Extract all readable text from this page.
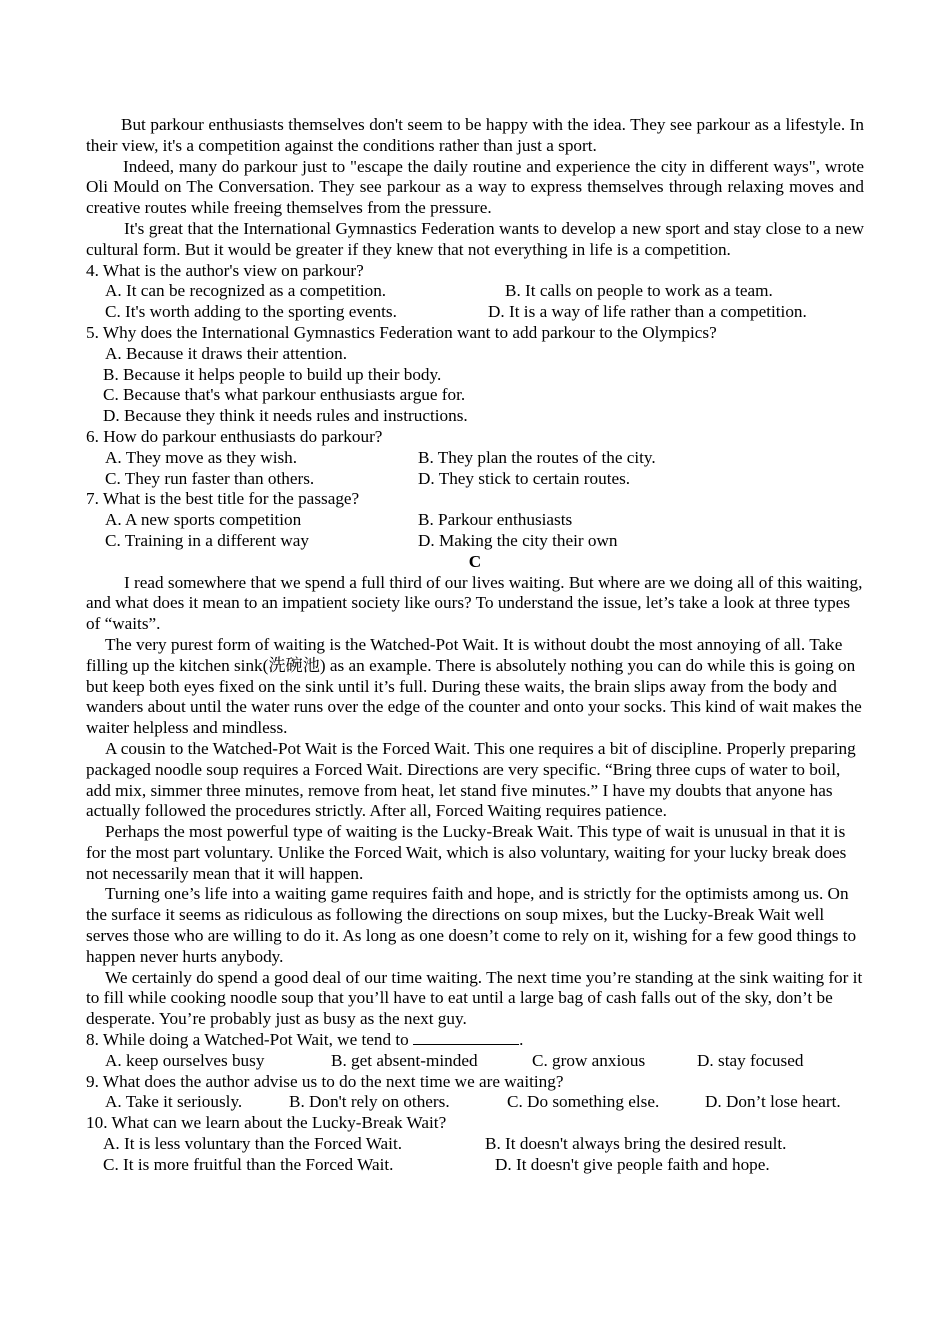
But parkour enthusiasts themselves don't seem to be happy with the idea. They see parkour as a lifestyle. In their view, it's a competition against the conditions rather than just a sport.

Indeed, many do parkour just to "escape the daily routine and experience the city in different ways", wrote Oli Mould on The Conversation. They see parkour as a way to express themselves through relaxing moves and creative routes while freeing themselves from the pressure.

It's great that the International Gymnastics Federation wants to develop a new sport and stay close to a new cultural form. But it would be greater if they knew that not everything in life is a competition.

4. What is the author's view on parkour?

A. It can be recognized as a competition.	B. It calls on people to work as a team.
C. It's worth adding to the sporting events.	D. It is a way of life rather than a competition.

5. Why does the International Gymnastics Federation want to add parkour to the Olympics?

A. Because it draws their attention.
B. Because it helps people to build up their body.
C. Because that's what parkour enthusiasts argue for.
D. Because they think it needs rules and instructions.

6. How do parkour enthusiasts do parkour?

A. They move as they wish.	B. They plan the routes of the city.
C. They run faster than others.	D. They stick to certain routes.

7. What is the best title for the passage?

A. A new sports competition	B. Parkour enthusiasts
C. Training in a different way	D. Making the city their own

C

I read somewhere that we spend a full third of our lives waiting. But where are we doing all of this waiting, and what does it mean to an impatient society like ours? To understand the issue, let’s take a look at three types of “waits”.

The very purest form of waiting is the Watched-Pot Wait. It is without doubt the most annoying of all. Take filling up the kitchen sink(洗碗池) as an example. There is absolutely nothing you can do while this is going on but keep both eyes fixed on the sink until it’s full. During these waits, the brain slips away from the body and wanders about until the water runs over the edge of the counter and onto your socks. This kind of wait makes the waiter helpless and mindless.

A cousin to the Watched-Pot Wait is the Forced Wait. This one requires a bit of discipline. Properly preparing packaged noodle soup requires a Forced Wait. Directions are very specific. “Bring three cups of water to boil, add mix, simmer three minutes, remove from heat, let stand five minutes.” I have my doubts that anyone has actually followed the procedures strictly. After all, Forced Waiting requires patience.

Perhaps the most powerful type of waiting is the Lucky-Break Wait. This type of wait is unusual in that it is for the most part voluntary. Unlike the Forced Wait, which is also voluntary, waiting for your lucky break does not necessarily mean that it will happen.

Turning one’s life into a waiting game requires faith and hope, and is strictly for the optimists among us. On the surface it seems as ridiculous as following the directions on soup mixes, but the Lucky-Break Wait well serves those who are willing to do it. As long as one doesn’t come to rely on it, wishing for a few good things to happen never hurts anybody.

We certainly do spend a good deal of our time waiting. The next time you’re standing at the sink waiting for it to fill while cooking noodle soup that you’ll have to eat until a large bag of cash falls out of the sky, don’t be desperate. You’re probably just as busy as the next guy.

8. While doing a Watched-Pot Wait, we tend to	.

A. keep ourselves busy	B. get absent-minded	C. grow anxious	D. stay focused

9. What does the author advise us to do the next time we are waiting?

A. Take it seriously.	B. Don't rely on others.	C. Do something else.	D. Don’t lose heart.

10. What can we learn about the Lucky-Break Wait?

A. It is less voluntary than the Forced Wait.	B. It doesn't always bring the desired result.
C. It is more fruitful than the Forced Wait.	D. It doesn't give people faith and hope.
